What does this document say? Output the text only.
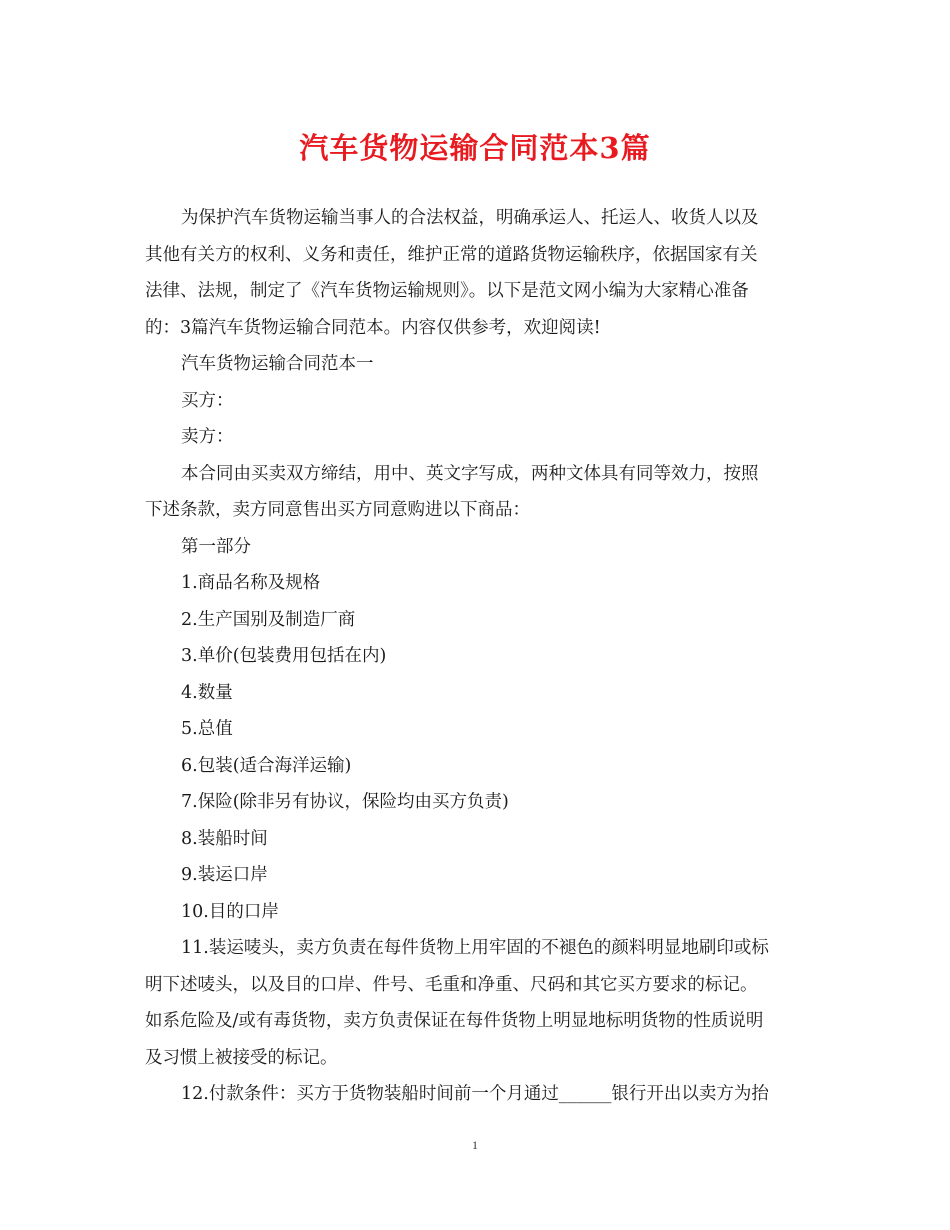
汽车货物运输合同范本3篇
为保护汽车货物运输当事人的合法权益，明确承运人、托运人、收货人以及
其他有关方的权利、义务和责任，维护正常的道路货物运输秩序，依据国家有关
法律、法规，制定了《汽车货物运输规则》。以下是范文网小编为大家精心准备
的：3篇汽车货物运输合同范本。内容仅供参考，欢迎阅读!
汽车货物运输合同范本一
买方：
卖方：
本合同由买卖双方缔结，用中、英文字写成，两种文体具有同等效力，按照
下述条款，卖方同意售出买方同意购进以下商品：
第一部分
1.商品名称及规格
2.生产国别及制造厂商
3.单价(包装费用包括在内)
4.数量
5.总值
6.包装(适合海洋运输)
7.保险(除非另有协议，保险均由买方负责)
8.装船时间
9.装运口岸
10.目的口岸
11.装运唛头，卖方负责在每件货物上用牢固的不褪色的颜料明显地刷印或标
明下述唛头，以及目的口岸、件号、毛重和净重、尺码和其它买方要求的标记。
如系危险及/或有毒货物，卖方负责保证在每件货物上明显地标明货物的性质说明
及习惯上被接受的标记。
12.付款条件：买方于货物装船时间前一个月通过______银行开出以卖方为抬
1
